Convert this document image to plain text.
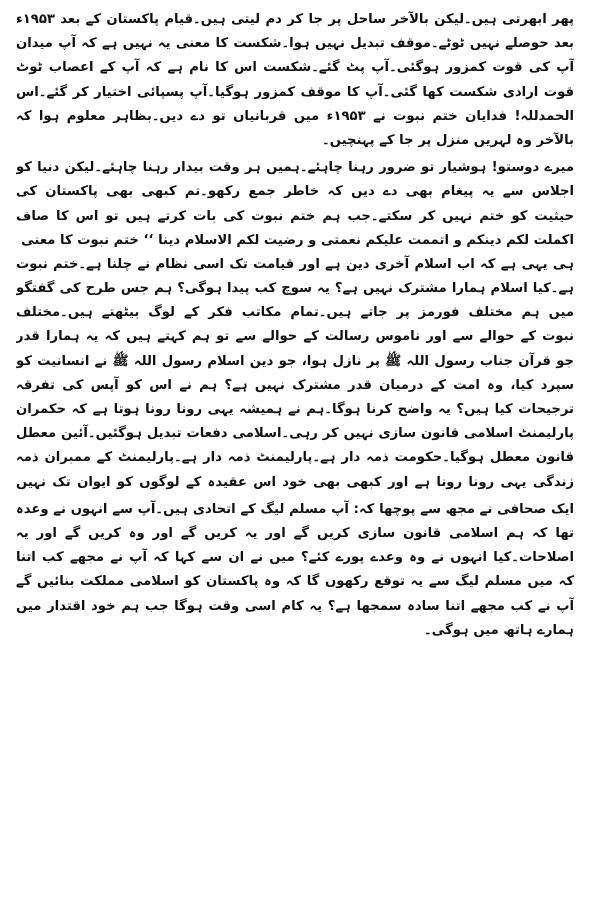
پھر ابھرتی ہیں۔لیکن بالآخر ساحل پر جا کر دم لیتی ہیں۔قیام پاکستان کے بعد ۱۹۵۳ء

بعد حوصلے نہیں ٹوٹے۔موقف تبدیل نہیں ہوا۔شکست کا معنی یہ نہیں ہے کہ آپ میدان

آپ کی قوت کمزور ہوگئی۔آپ پٹ گئے۔شکست اس کا نام ہے کہ آپ کے اعصاب ٹوٹ

قوت ارادی شکست کھا گئی۔آپ کا موقف کمزور ہوگیا۔آپ پسپائی اختیار کر گئے۔اس

الحمدللہ! فدایان ختم نبوت نے ۱۹۵۳ء میں قربانیاں تو دے دیں۔بظاہر معلوم ہوا کہ

بالآخر وہ لہریں منزل پر جا کے پہنچیں۔

میرے دوستو! ہوشیار تو ضرور رہنا چاہئے۔ہمیں ہر وقت بیدار رہنا چاہئے۔لیکن دنیا کو

اجلاس سے یہ پیغام بھی دے دیں کہ خاطر جمع رکھو۔تم کبھی بھی پاکستان کی

حیثیت کو ختم نہیں کر سکتے۔جب ہم ختم نبوت کی بات کرتے ہیں تو اس کا صاف

اکملت لکم دینکم و اتممت علیکم نعمتی و رضیت لکم الاسلام دینا ‘‘ ختم نبوت کا معنی

ہی یہی ہے کہ اب اسلام آخری دین ہے اور قیامت تک اسی نظام نے چلنا ہے۔ختم نبوت

ہے۔کیا اسلام ہمارا مشترک نہیں ہے؟ یہ سوچ کب پیدا ہوگی؟ ہم جس طرح کی گفتگو

میں ہم مختلف فورمز پر جاتے ہیں۔تمام مکاتب فکر کے لوگ بیٹھتے ہیں۔مختلف

نبوت کے حوالے سے اور ناموس رسالت کے حوالے سے تو ہم کہتے ہیں کہ یہ ہمارا قدر

جو قرآن جناب رسول اللہ ﷺ پر نازل ہوا، جو دین اسلام رسول اللہ ﷺ نے انسانیت کو

سپرد کیا، وہ امت کے درمیان قدر مشترک نہیں ہے؟ ہم نے اس کو آپس کی تفرقہ

ترجیحات کیا ہیں؟ یہ واضح کرنا ہوگا۔ہم نے ہمیشہ یہی رونا رونا ہوتا ہے کہ حکمران

پارلیمنٹ اسلامی قانون سازی نہیں کر رہی۔اسلامی دفعات تبدیل ہوگئیں۔آئین معطل

قانون معطل ہوگیا۔حکومت ذمہ دار ہے۔پارلیمنٹ ذمہ دار ہے۔پارلیمنٹ کے ممبران ذمہ

زندگی یہی رونا رونا ہے اور کبھی بھی خود اس عقیدہ کے لوگوں کو ایوان تک نہیں

ایک صحافی نے مجھ سے پوچھا کہ: آپ مسلم لیگ کے اتحادی ہیں۔آپ سے انہوں نے وعدہ

تھا کہ ہم اسلامی قانون سازی کریں گے اور یہ کریں گے اور وہ کریں گے اور یہ

اصلاحات۔کیا انہوں نے وہ وعدے پورے کئے؟ میں نے ان سے کہا کہ آپ نے مجھے کب اتنا

کہ میں مسلم لیگ سے یہ توقع رکھوں گا کہ وہ پاکستان کو اسلامی مملکت بنائیں گے

آپ نے کب مجھے اتنا سادہ سمجھا ہے؟ یہ کام اسی وقت ہوگا جب ہم خود اقتدار میں

ہمارے ہاتھ میں ہوگی۔
